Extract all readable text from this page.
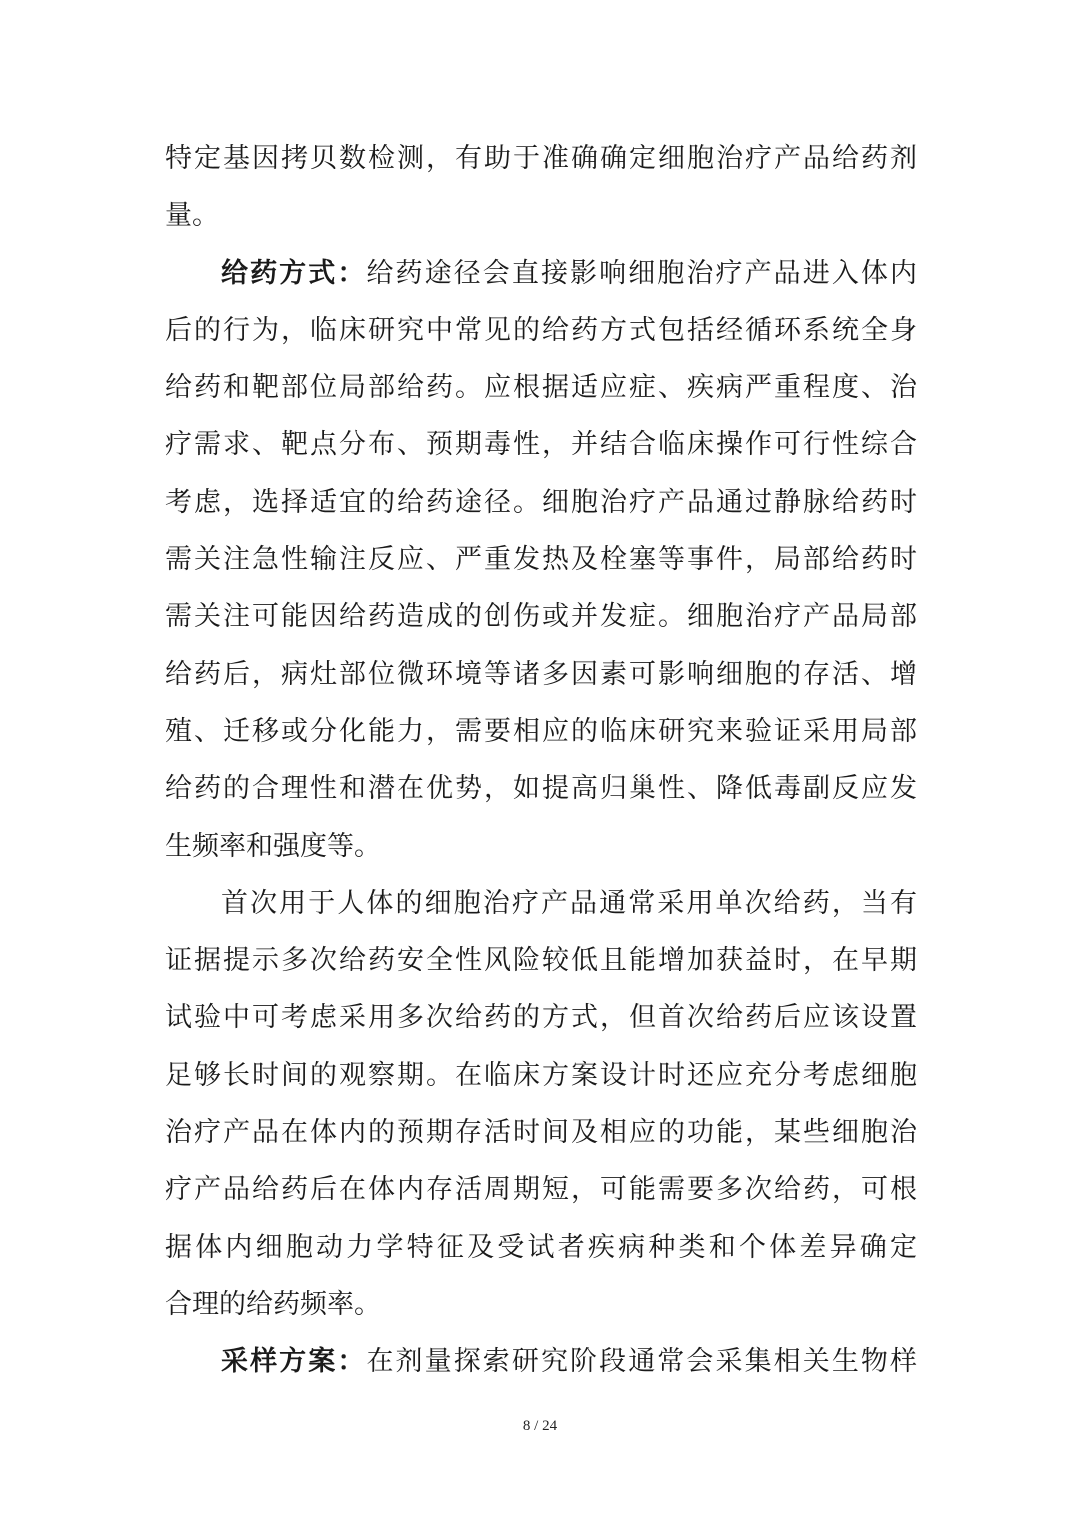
特定基因拷贝数检测，有助于准确确定细胞治疗产品给药剂
量。
给药方式：给药途径会直接影响细胞治疗产品进入体内
后的行为，临床研究中常见的给药方式包括经循环系统全身
给药和靶部位局部给药。应根据适应症、疾病严重程度、治
疗需求、靶点分布、预期毒性，并结合临床操作可行性综合
考虑，选择适宜的给药途径。细胞治疗产品通过静脉给药时
需关注急性输注反应、严重发热及栓塞等事件，局部给药时
需关注可能因给药造成的创伤或并发症。细胞治疗产品局部
给药后，病灶部位微环境等诸多因素可影响细胞的存活、增
殖、迁移或分化能力，需要相应的临床研究来验证采用局部
给药的合理性和潜在优势，如提高归巢性、降低毒副反应发
生频率和强度等。
首次用于人体的细胞治疗产品通常采用单次给药，当有
证据提示多次给药安全性风险较低且能增加获益时，在早期
试验中可考虑采用多次给药的方式，但首次给药后应该设置
足够长时间的观察期。在临床方案设计时还应充分考虑细胞
治疗产品在体内的预期存活时间及相应的功能，某些细胞治
疗产品给药后在体内存活周期短，可能需要多次给药，可根
据体内细胞动力学特征及受试者疾病种类和个体差异确定
合理的给药频率。
采样方案：在剂量探索研究阶段通常会采集相关生物样
8 / 24
